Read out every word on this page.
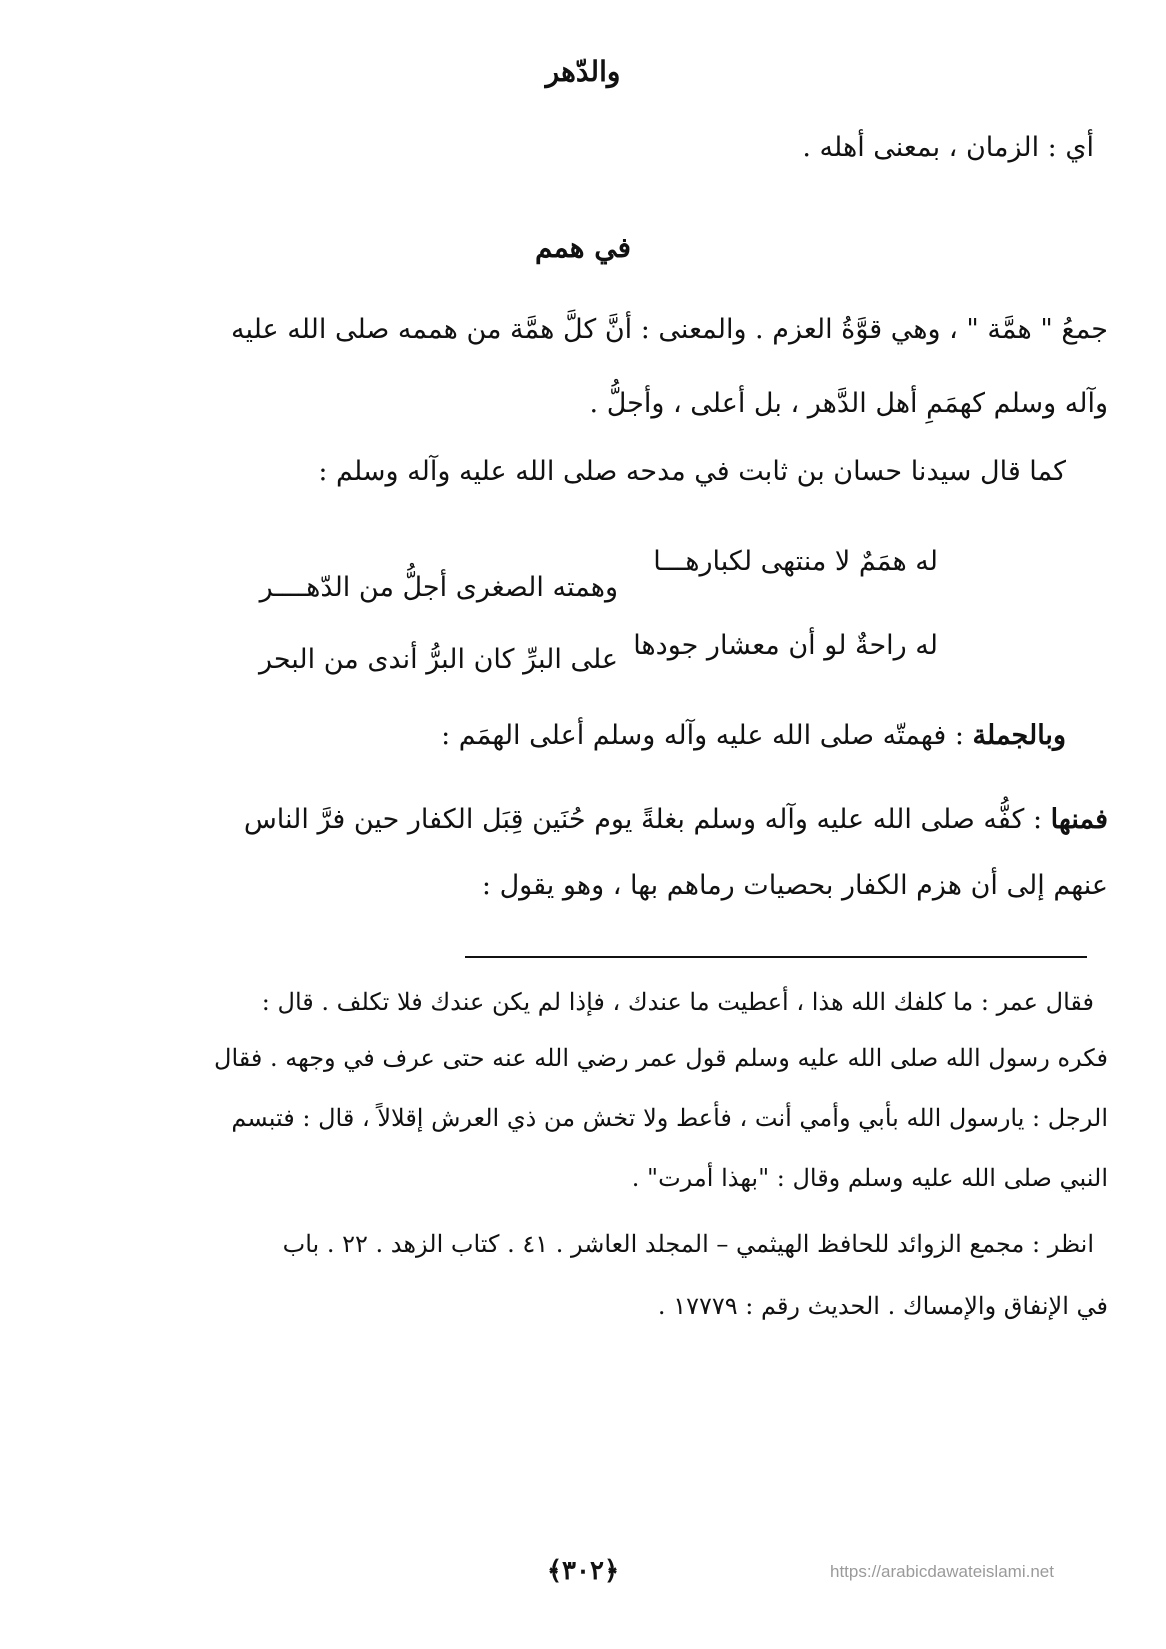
والدّهر
أي : الزمان ، بمعنى أهله .
في همم
جمعُ " همَّة " ، وهي قوَّةُ العزم . والمعنى : أنَّ كلَّ همَّة من هممه صلى الله عليه
وآله وسلم كهمَمِ أهل الدَّهر ، بل أعلى ، وأجلُّ .
كما قال سيدنا حسان بن ثابت في مدحه صلى الله عليه وآله وسلم :
له همَمٌ لا منتهى لكبارهـــا
وهمته الصغرى أجلُّ من الدّهــــر
له راحةٌ لو أن معشار جودها
على البرِّ كان البرُّ أندى من البحر
وبالجملة : فهمتّه صلى الله عليه وآله وسلم أعلى الهمَم :
فمنها : كفُّه صلى الله عليه وآله وسلم بغلةً يوم حُنَين قِبَل الكفار حين فرَّ الناس
عنهم إلى أن هزم الكفار بحصيات رماهم بها ، وهو يقول :
فقال عمر : ما كلفك الله هذا ، أعطيت ما عندك ، فإذا لم يكن عندك فلا تكلف . قال :
فكره رسول الله صلى الله عليه وسلم قول عمر رضي الله عنه حتى عرف في وجهه . فقال
الرجل : يارسول الله بأبي وأمي أنت ، فأعط ولا تخش من ذي العرش إقلالاً ، قال : فتبسم
النبي صلى الله عليه وسلم وقال : "بهذا أمرت" .
انظر : مجمع الزوائد للحافظ الهيثمي – المجلد العاشر . ٤١ . كتاب الزهد . ٢٢ . باب
في الإنفاق والإمساك . الحديث رقم : ١٧٧٧٩ .
﴿٣٠٢﴾	https://arabicdawateislami.net
